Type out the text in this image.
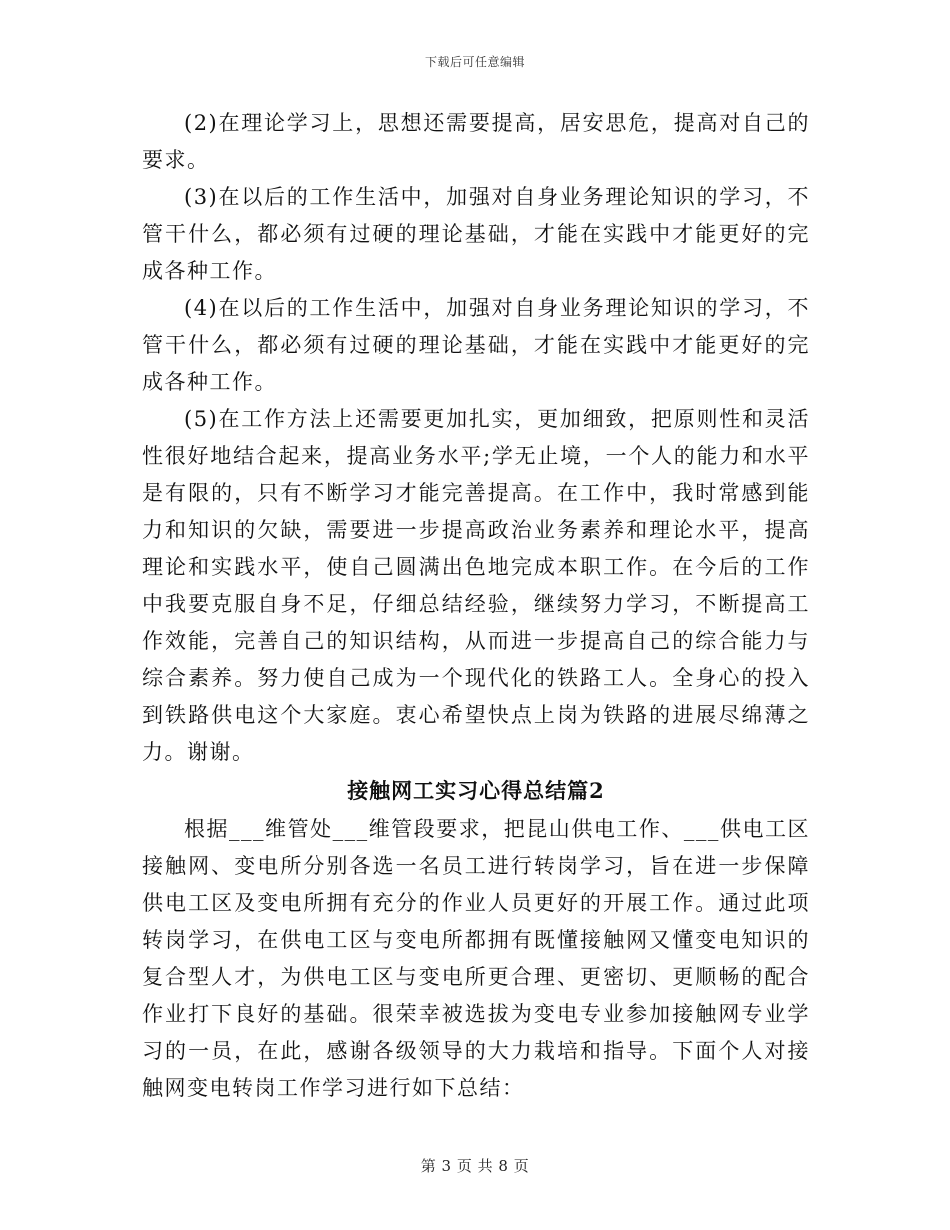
下载后可任意编辑

(2)在理论学习上，思想还需要提高，居安思危，提高对自己的要求。

(3)在以后的工作生活中，加强对自身业务理论知识的学习，不管干什么，都必须有过硬的理论基础，才能在实践中才能更好的完成各种工作。

(4)在以后的工作生活中，加强对自身业务理论知识的学习，不管干什么，都必须有过硬的理论基础，才能在实践中才能更好的完成各种工作。

(5)在工作方法上还需要更加扎实，更加细致，把原则性和灵活性很好地结合起来，提高业务水平;学无止境，一个人的能力和水平是有限的，只有不断学习才能完善提高。在工作中，我时常感到能力和知识的欠缺，需要进一步提高政治业务素养和理论水平，提高理论和实践水平，使自己圆满出色地完成本职工作。在今后的工作中我要克服自身不足，仔细总结经验，继续努力学习，不断提高工作效能，完善自己的知识结构，从而进一步提高自己的综合能力与综合素养。努力使自己成为一个现代化的铁路工人。全身心的投入到铁路供电这个大家庭。衷心希望快点上岗为铁路的进展尽绵薄之力。谢谢。

接触网工实习心得总结篇2

根据___维管处___维管段要求，把昆山供电工作、___供电工区接触网、变电所分别各选一名员工进行转岗学习，旨在进一步保障供电工区及变电所拥有充分的作业人员更好的开展工作。通过此项转岗学习，在供电工区与变电所都拥有既懂接触网又懂变电知识的复合型人才，为供电工区与变电所更合理、更密切、更顺畅的配合作业打下良好的基础。很荣幸被选拔为变电专业参加接触网专业学习的一员，在此，感谢各级领导的大力栽培和指导。下面个人对接触网变电转岗工作学习进行如下总结：

第 3 页 共 8 页
